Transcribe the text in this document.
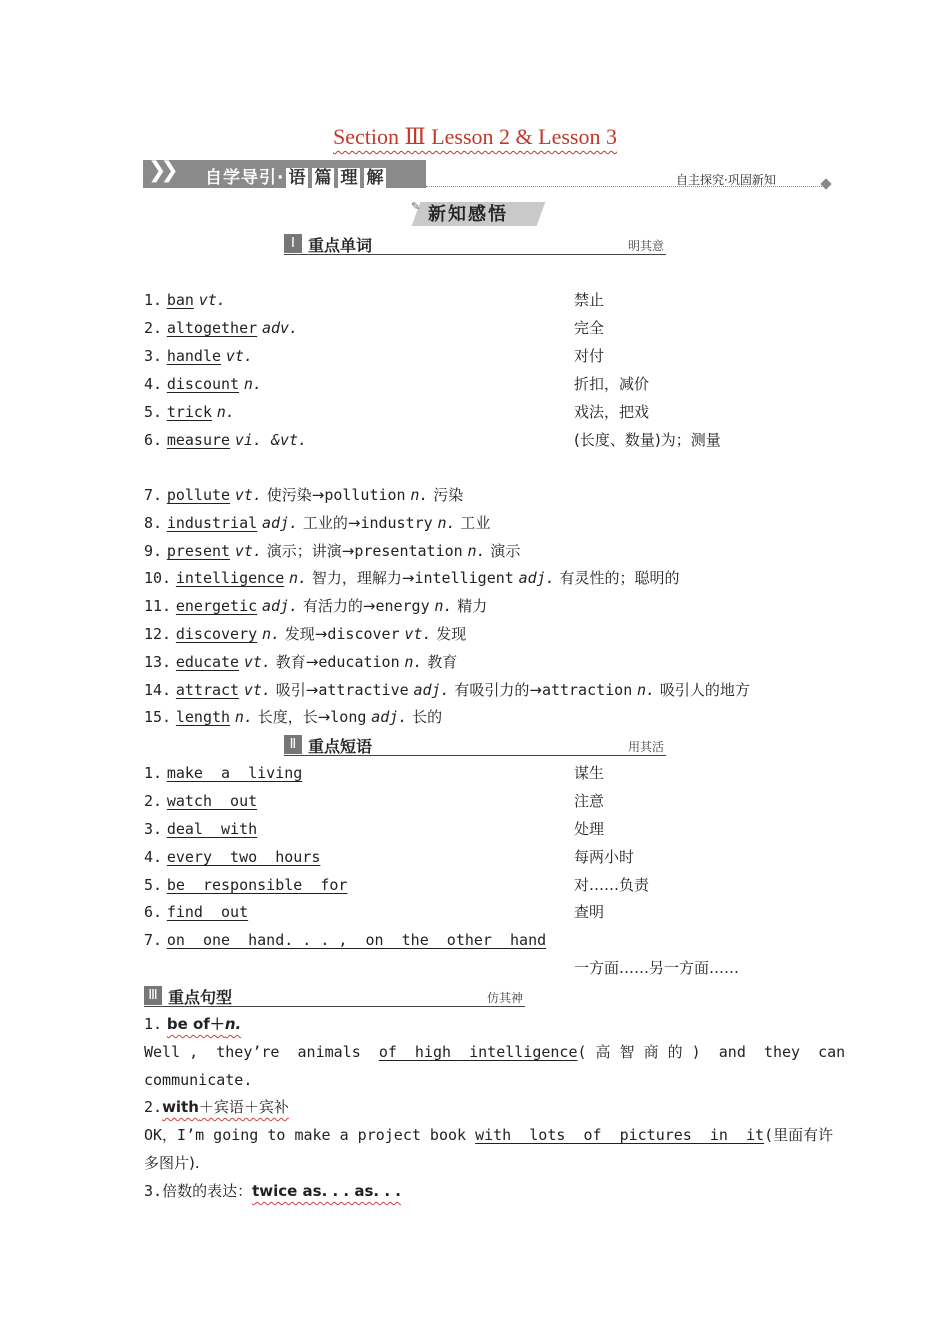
Section Ⅲ Lesson 2 & Lesson 3
❯❯ 自学导引· 语 篇 理 解	自主探究·巩固新知
✎ 新知感悟
Ⅰ 重点单词	明其意
1. ban vt.	禁止
2. altogether adv.	完全
3. handle vt.	对付
4. discount n.	折扣，减价
5. trick n.	戏法，把戏
6. measure vi. &vt.	(长度、数量)为；测量
7. pollute vt. 使污染→pollution n. 污染
8. industrial adj. 工业的→industry n. 工业
9. present vt. 演示；讲演→presentation n. 演示
10. intelligence n. 智力，理解力→intelligent adj. 有灵性的；聪明的
11. energetic adj. 有活力的→energy n. 精力
12. discovery n. 发现→discover vt. 发现
13. educate vt. 教育→education n. 教育
14. attract vt. 吸引→attractive adj. 有吸引力的→attraction n. 吸引人的地方
15. length n. 长度，长→long adj. 长的
Ⅱ 重点短语	用其活
1. make  a  living	谋生
2. watch  out	注意
3. deal  with	处理
4. every  two  hours	每两小时
5. be  responsible  for	对……负责
6. find  out	查明
7. on  one  hand. . . ,  on  the  other  hand
一方面……另一方面……
Ⅲ 重点句型	仿其神
1. be of＋n.
Well ,  they’re  animals  of  high  intelligence( 高 智 商 的 )  and  they  can
communicate.
2.with＋宾语＋宾补
OK，I’m going to make a project book with  lots  of  pictures  in  it(里面有许
多图片).
3.倍数的表达：twice as. . . as. . .
